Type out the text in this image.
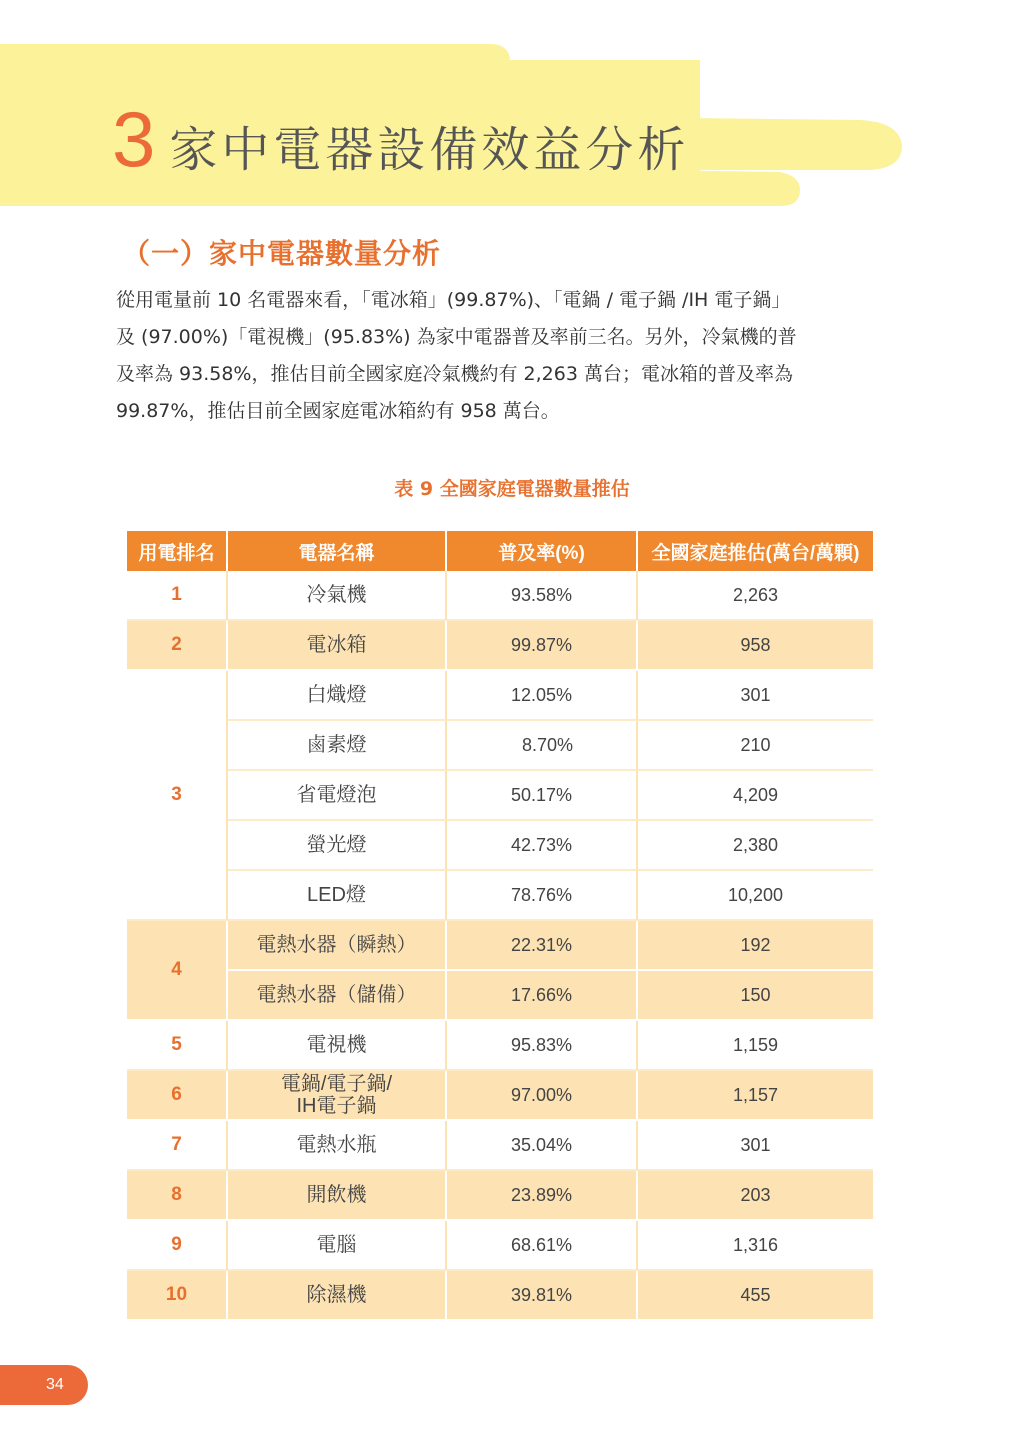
3 家中電器設備效益分析
（一）家中電器數量分析
從用電量前 10 名電器來看，「電冰箱」(99.87%)、「電鍋 / 電子鍋 /IH 電子鍋」
及 (97.00%)「電視機」(95.83%) 為家中電器普及率前三名。另外，冷氣機的普
及率為 93.58%，推估目前全國家庭冷氣機約有 2,263 萬台；電冰箱的普及率為
99.87%，推估目前全國家庭電冰箱約有 958 萬台。
表 9 全國家庭電器數量推估
用電排名	電器名稱	普及率(%)	全國家庭推估(萬台/萬顆)
1	冷氣機	93.58%	2,263
2	電冰箱	99.87%	958
3	白熾燈	12.05%	301
	鹵素燈	8.70%	210
	省電燈泡	50.17%	4,209
	螢光燈	42.73%	2,380
	LED燈	78.76%	10,200
4	電熱水器（瞬熱）	22.31%	192
	電熱水器（儲備）	17.66%	150
5	電視機	95.83%	1,159
6	電鍋/電子鍋/
IH電子鍋	97.00%	1,157
7	電熱水瓶	35.04%	301
8	開飲機	23.89%	203
9	電腦	68.61%	1,316
10	除濕機	39.81%	455
34
